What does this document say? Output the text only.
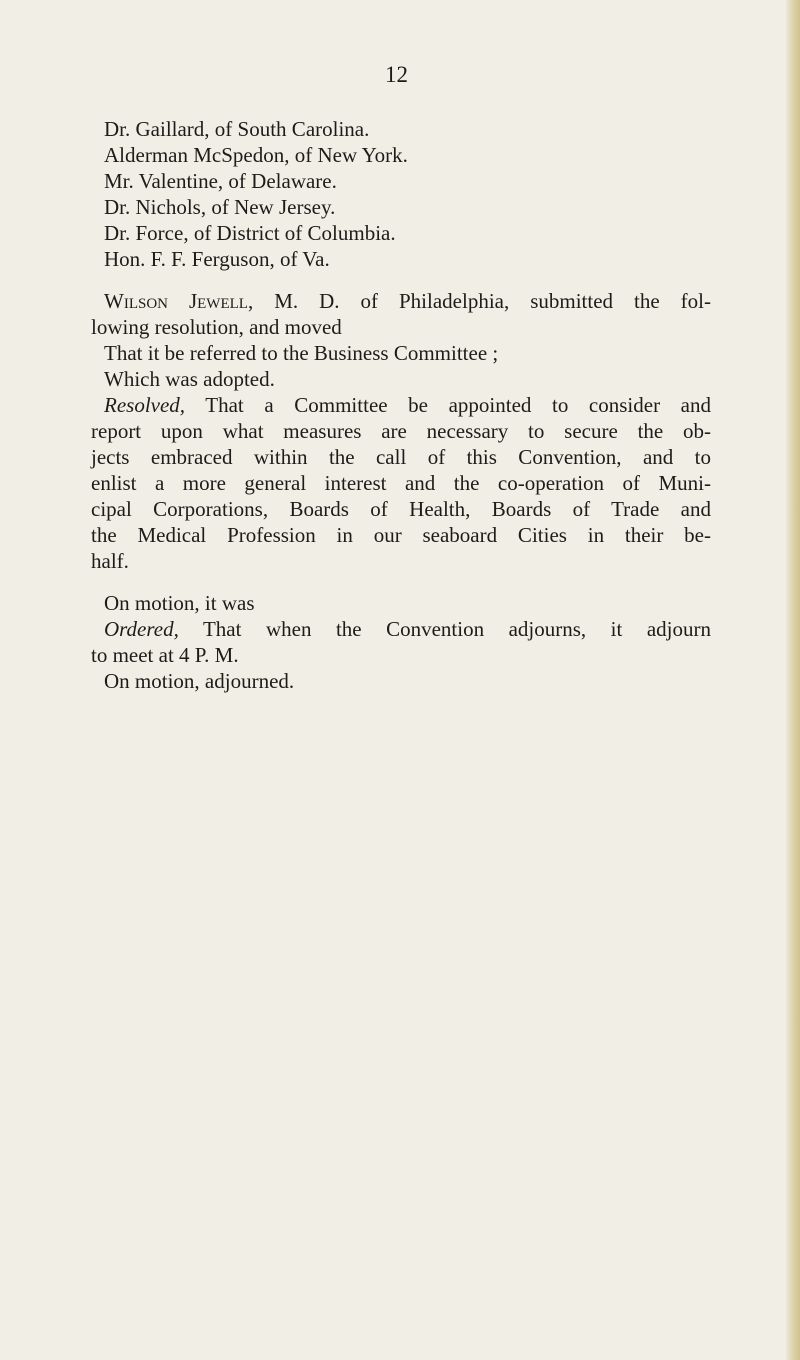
12
Dr. Gaillard, of South Carolina.
Alderman McSpedon, of New York.
Mr. Valentine, of Delaware.
Dr. Nichols, of New Jersey.
Dr. Force, of District of Columbia.
Hon. F. F. Ferguson, of Va.
Wilson Jewell, M. D. of Philadelphia, submitted the fol-
lowing resolution, and moved
That it be referred to the Business Committee ;
Which was adopted.
Resolved, That a Committee be appointed to consider and
report upon what measures are necessary to secure the ob-
jects embraced within the call of this Convention, and to
enlist a more general interest and the co-operation of Muni-
cipal Corporations, Boards of Health, Boards of Trade and
the Medical Profession in our seaboard Cities in their be-
half.
On motion, it was
Ordered, That when the Convention adjourns, it adjourn
to meet at 4 P. M.
On motion, adjourned.
